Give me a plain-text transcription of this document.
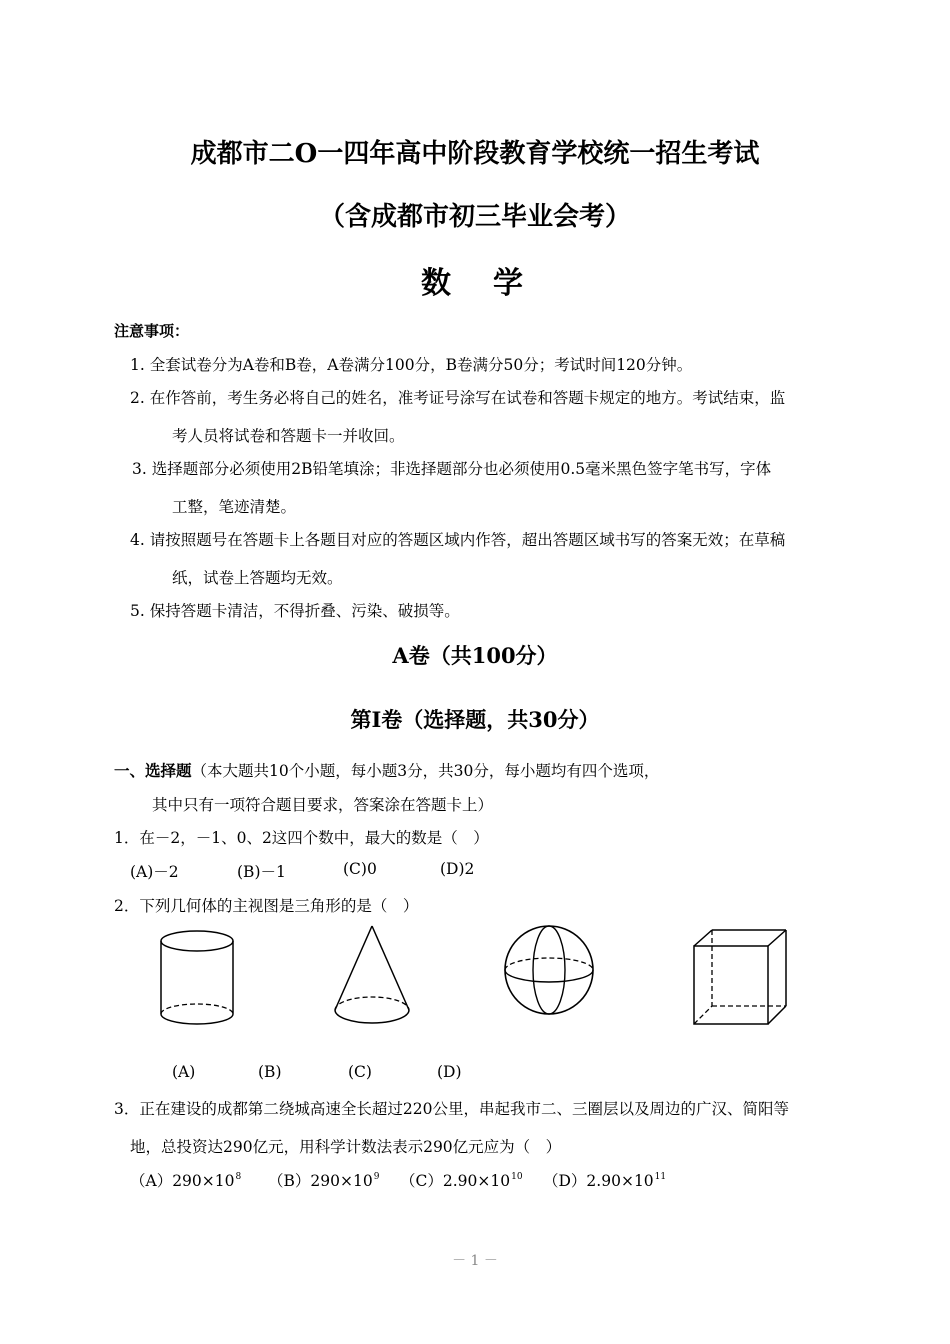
成都市二O一四年高中阶段教育学校统一招生考试
（含成都市初三毕业会考）
数　学
注意事项：
1. 全套试卷分为A卷和B卷，A卷满分100分，B卷满分50分；考试时间120分钟。
2. 在作答前，考生务必将自己的姓名，准考证号涂写在试卷和答题卡规定的地方。考试结束，监
考人员将试卷和答题卡一并收回。
3. 选择题部分必须使用2B铅笔填涂；非选择题部分也必须使用0.5毫米黑色签字笔书写，字体
工整，笔迹清楚。
4. 请按照题号在答题卡上各题目对应的答题区域内作答，超出答题区域书写的答案无效；在草稿
纸，试卷上答题均无效。
5. 保持答题卡清洁，不得折叠、污染、破损等。
A卷（共100分）
第I卷（选择题，共30分）
一、选择题（本大题共10个小题，每小题3分，共30分，每小题均有四个选项，
其中只有一项符合题目要求，答案涂在答题卡上）
1．在－2，－1、0、2这四个数中，最大的数是（　）
(A)－2	(B)－1	(C)0	(D)2
2．下列几何体的主视图是三角形的是（　）
(A)	(B)	(C)	(D)
3．正在建设的成都第二绕城高速全长超过220公里，串起我市二、三圈层以及周边的广汉、简阳等
地，总投资达290亿元，用科学计数法表示290亿元应为（　）
$(A)290\times 10^8$ $(B)290\times 10^9$ $(C)2.90\times 10^{10}$ $(D)2.90\times 10^{11}$
－ 1 －
